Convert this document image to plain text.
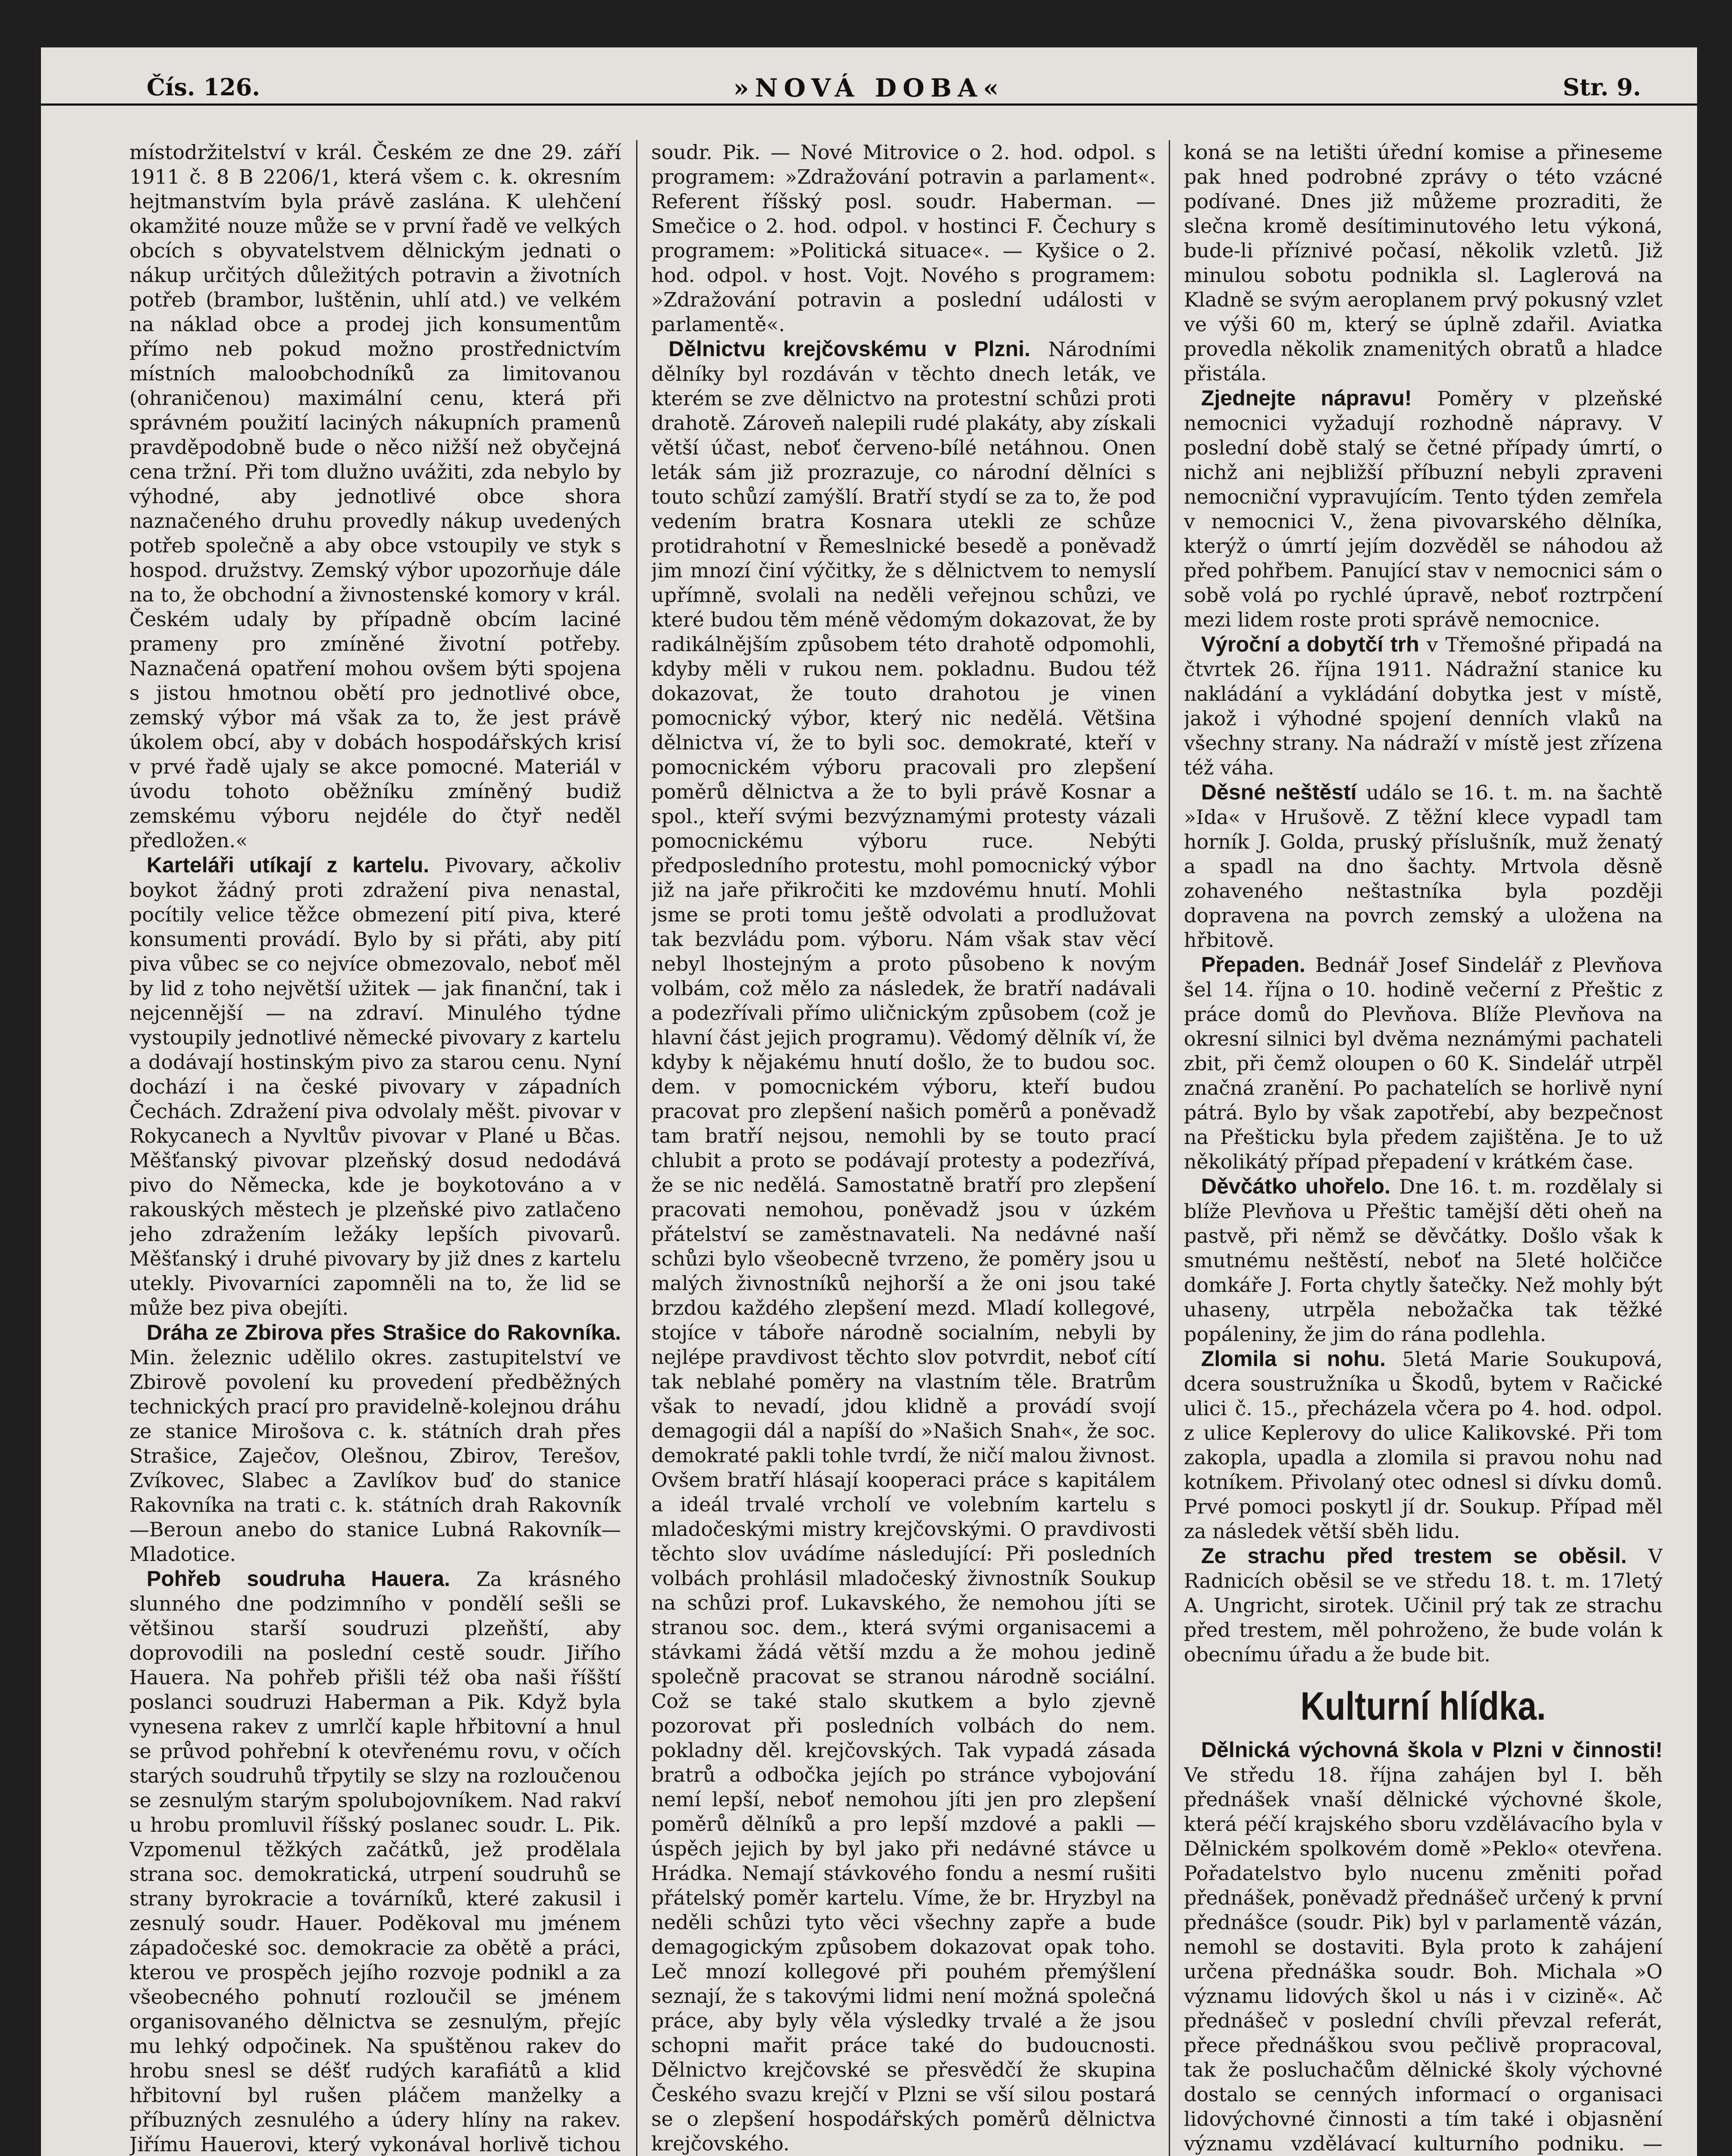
Čís. 126.	»NOVÁ DOBA«	Str. 9.

místodržitelství v král. Českém ze dne 29. září 1911 č. 8 B 2206/1, která všem c. k. okresním hejtmanstvím byla právě zaslána. K ulehčení okamžité nouze může se v první řadě ve velkých obcích s obyvatelstvem dělnickým jednati o nákup určitých důležitých potravin a životních potřeb (brambor, luštěnin, uhlí atd.) ve velkém na náklad obce a prodej jich konsumentům přímo neb pokud možno prostřednictvím místních maloobchodníků za limitovanou (ohraničenou) maximální cenu, která při správném použití laciných nákupních pramenů pravděpodobně bude o něco nižší než obyčejná cena tržní. Při tom dlužno uvážiti, zda nebylo by výhodné, aby jednotlivé obce shora naznačeného druhu provedly nákup uvedených potřeb společně a aby obce vstoupily ve styk s hospod. družstvy. Zemský výbor upozorňuje dále na to, že obchodní a živnostenské komory v král. Českém udaly by případně obcím laciné prameny pro zmíněné životní potřeby. Naznačená opatření mohou ovšem býti spojena s jistou hmotnou obětí pro jednotlivé obce, zemský výbor má však za to, že jest právě úkolem obcí, aby v dobách hospodářských krisí v prvé řadě ujaly se akce pomocné. Materiál v úvodu tohoto oběžníku zmíněný budiž zemskému výboru nejdéle do čtyř neděl předložen.«

Karteláři utíkají z kartelu. Pivovary, ačkoliv boykot žádný proti zdražení piva nenastal, pocítily velice těžce obmezení pití piva, které konsumenti provádí. Bylo by si přáti, aby pití piva vůbec se co nejvíce obmezovalo, neboť měl by lid z toho největší užitek — jak finanční, tak i nejcennější — na zdraví. Minulého týdne vystoupily jednotlivé německé pivovary z kartelu a dodávají hostinským pivo za starou cenu. Nyní dochází i na české pivovary v západních Čechách. Zdražení piva odvolaly měšt. pivovar v Rokycanech a Nyvltův pivovar v Plané u Bčas. Měšťanský pivovar plzeňský dosud nedodává pivo do Německa, kde je boykotováno a v rakouských městech je plzeňské pivo zatlačeno jeho zdražením ležáky lepších pivovarů. Měšťanský i druhé pivovary by již dnes z kartelu utekly. Pivovarníci zapomněli na to, že lid se může bez piva obejíti.

Dráha ze Zbirova přes Strašice do Rakovníka. Min. železnic udělilo okres. zastupitelství ve Zbirově povolení ku provedení předběžných technických prací pro pravidelně-kolejnou dráhu ze stanice Mirošova c. k. státních drah přes Strašice, Zaječov, Olešnou, Zbirov, Terešov, Zvíkovec, Slabec a Zavlíkov buď do stanice Rakovníka na trati c. k. státních drah Rakovník—Beroun anebo do stanice Lubná Rakovník—Mladotice.

Pohřeb soudruha Hauera. Za krásného slunného dne podzimního v pondělí sešli se většinou starší soudruzi plzeňští, aby doprovodili na poslední cestě soudr. Jiřího Hauera. Na pohřeb přišli též oba naši říšští poslanci soudruzi Haberman a Pik. Když byla vynesena rakev z umrlčí kaple hřbitovní a hnul se průvod pohřební k otevřenému rovu, v očích starých soudruhů třpytily se slzy na rozloučenou se zesnulým starým spolubojovníkem. Nad rakví u hrobu promluvil říšský poslanec soudr. L. Pik. Vzpomenul těžkých začátků, jež prodělala strana soc. demokratická, utrpení soudruhů se strany byrokracie a továrníků, které zakusil i zesnulý soudr. Hauer. Poděkoval mu jménem západočeské soc. demokracie za obětě a práci, kterou ve prospěch jejího rozvoje podnikl a za všeobecného pohnutí rozloučil se jménem organisovaného dělnictva se zesnulým, přejíc mu lehký odpočinek. Na spuštěnou rakev do hrobu snesl se déšť rudých karafiátů a klid hřbitovní byl rušen pláčem manželky a příbuzných zesnulého a údery hlíny na rakev. Jiřímu Hauerovi, který vykonával horlivě tichou

soudr. Pik. — Nové Mitrovice o 2. hod. odpol. s programem: »Zdražování potravin a parlament«. Referent říšský posl. soudr. Haberman. — Smečice o 2. hod. odpol. v hostinci F. Čechury s programem: »Politická situace«. — Kyšice o 2. hod. odpol. v host. Vojt. Nového s programem: »Zdražování potravin a poslední události v parlamentě«.

Dělnictvu krejčovskému v Plzni. Národními dělníky byl rozdáván v těchto dnech leták, ve kterém se zve dělnictvo na protestní schůzi proti drahotě. Zároveň nalepili rudé plakáty, aby získali větší účast, neboť červeno-bílé netáhnou. Onen leták sám již prozrazuje, co národní dělníci s touto schůzí zamýšlí. Bratří stydí se za to, že pod vedením bratra Kosnara utekli ze schůze protidrahotní v Řemeslnické besedě a poněvadž jim mnozí činí výčitky, že s dělnictvem to nemyslí upřímně, svolali na neděli veřejnou schůzi, ve které budou těm méně vědomým dokazovat, že by radikálnějším způsobem této drahotě odpomohli, kdyby měli v rukou nem. pokladnu. Budou též dokazovat, že touto drahotou je vinen pomocnický výbor, který nic nedělá. Většina dělnictva ví, že to byli soc. demokraté, kteří v pomocnickém výboru pracovali pro zlepšení poměrů dělnictva a že to byli právě Kosnar a spol., kteří svými bezvýznamými protesty vázali pomocnickému výboru ruce. Nebýti předposledního protestu, mohl pomocnický výbor již na jaře přikročiti ke mzdovému hnutí. Mohli jsme se proti tomu ještě odvolati a prodlužovat tak bezvládu pom. výboru. Nám však stav věcí nebyl lhostejným a proto působeno k novým volbám, což mělo za následek, že bratří nadávali a podezřívali přímo uličnickým způsobem (což je hlavní část jejich programu). Vědomý dělník ví, že kdyby k nějakému hnutí došlo, že to budou soc. dem. v pomocnickém výboru, kteří budou pracovat pro zlepšení našich poměrů a poněvadž tam bratří nejsou, nemohli by se touto prací chlubit a proto se podávají protesty a podezřívá, že se nic nedělá. Samostatně bratří pro zlepšení pracovati nemohou, poněvadž jsou v úzkém přátelství se zaměstnavateli. Na nedávné naší schůzi bylo všeobecně tvrzeno, že poměry jsou u malých živnostníků nejhorší a že oni jsou také brzdou každého zlepšení mezd. Mladí kollegové, stojíce v táboře národně socialním, nebyli by nejlépe pravdivost těchto slov potvrdit, neboť cítí tak neblahé poměry na vlastním těle. Bratrům však to nevadí, jdou klidně a provádí svojí demagogii dál a napíší do »Našich Snah«, že soc. demokraté pakli tohle tvrdí, že ničí malou živnost. Ovšem bratří hlásají kooperaci práce s kapitálem a ideál trvalé vrcholí ve volebním kartelu s mladočeskými mistry krejčovskými. O pravdivosti těchto slov uvádíme následující: Při posledních volbách prohlásil mladočeský živnostník Soukup na schůzi prof. Lukavského, že nemohou jíti se stranou soc. dem., která svými organisacemi a stávkami žádá větší mzdu a že mohou jedině společně pracovat se stranou národně sociální. Což se také stalo skutkem a bylo zjevně pozorovat při posledních volbách do nem. pokladny děl. krejčovských. Tak vypadá zásada bratrů a odbočka jejích po stránce vybojování nemí lepší, neboť nemohou jíti jen pro zlepšení poměrů dělníků a pro lepší mzdové a pakli — úspěch jejich by byl jako při nedávné stávce u Hrádka. Nemají stávkového fondu a nesmí rušiti přátelský poměr kartelu. Víme, že br. Hryzbyl na neděli schůzi tyto věci všechny zapře a bude demagogickým způsobem dokazovat opak toho. Leč mnozí kollegové při pouhém přemýšlení seznají, že s takovými lidmi není možná společná práce, aby byly věla výsledky trvalé a že jsou schopni mařit práce také do budoucnosti. Dělnictvo krejčovské se přesvědčí že skupina Českého svazu krejčí v Plzni se vší silou postará se o zlepšení hospodářských poměrů dělnictva krejčovského.

koná se na letišti úřední komise a přineseme pak hned podrobné zprávy o této vzácné podívané. Dnes již můžeme prozraditi, že slečna kromě desítiminutového letu výkoná, bude-li příznivé počasí, několik vzletů. Již minulou sobotu podnikla sl. Laglerová na Kladně se svým aeroplanem prvý pokusný vzlet ve výši 60 m, který se úplně zdařil. Aviatka provedla několik znamenitých obratů a hladce přistála.

Zjednejte nápravu! Poměry v plzeňské nemocnici vyžadují rozhodně nápravy. V poslední době stalý se četné případy úmrtí, o nichž ani nejbližší příbuzní nebyli zpraveni nemocniční vypravujícím. Tento týden zemřela v nemocnici V., žena pivovarského dělníka, kterýž o úmrtí jejím dozvěděl se náhodou až před pohřbem. Panující stav v nemocnici sám o sobě volá po rychlé úpravě, neboť roztrpčení mezi lidem roste proti správě nemocnice.

Výroční a dobytčí trh v Třemošné připadá na čtvrtek 26. října 1911. Nádražní stanice ku nakládání a vykládání dobytka jest v místě, jakož i výhodné spojení denních vlaků na všechny strany. Na nádraží v místě jest zřízena též váha.

Děsné neštěstí událo se 16. t. m. na šachtě »Ida« v Hrušově. Z těžní klece vypadl tam horník J. Golda, pruský příslušník, muž ženatý a spadl na dno šachty. Mrtvola děsně zohaveného neštastníka byla později dopravena na povrch zemský a uložena na hřbitově.

Přepaden. Bednář Josef Sindelář z Plevňova šel 14. října o 10. hodině večerní z Přeštic z práce domů do Plevňova. Blíže Plevňova na okresní silnici byl dvěma neznámými pachateli zbit, při čemž oloupen o 60 K. Sindelář utrpěl značná zranění. Po pachatelích se horlivě nyní pátrá. Bylo by však zapotřebí, aby bezpečnost na Přešticku byla předem zajištěna. Je to už několikátý případ přepadení v krátkém čase.

Děvčátko uhořelo. Dne 16. t. m. rozdělaly si blíže Plevňova u Přeštic tamější děti oheň na pastvě, při němž se děvčátky. Došlo však k smutnému neštěstí, neboť na 5leté holčičce domkáře J. Forta chytly šatečky. Než mohly být uhaseny, utrpěla nebožačka tak těžké popáleniny, že jim do rána podlehla.

Zlomila si nohu. 5letá Marie Soukupová, dcera soustružníka u Škodů, bytem v Račické ulici č. 15., přecházela včera po 4. hod. odpol. z ulice Keplerovy do ulice Kalikovské. Při tom zakopla, upadla a zlomila si pravou nohu nad kotníkem. Přivolaný otec odnesl si dívku domů. Prvé pomoci poskytl jí dr. Soukup. Případ měl za následek větší sběh lidu.

Ze strachu před trestem se oběsil. V Radnicích oběsil se ve středu 18. t. m. 17letý A. Ungricht, sirotek. Učinil prý tak ze strachu před trestem, měl pohroženo, že bude volán k obecnímu úřadu a že bude bit.

Kulturní hlídka.

Dělnická výchovná škola v Plzni v činnosti! Ve středu 18. října zahájen byl I. běh přednášek vnaší dělnické výchovné škole, která péčí krajského sboru vzdělávacího byla v Dělnickém spolkovém domě »Peklo« otevřena. Pořadatelstvo bylo nucenu změniti pořad přednášek, poněvadž přednášeč určený k první přednášce (soudr. Pik) byl v parlamentě vázán, nemohl se dostaviti. Byla proto k zahájení určena přednáška soudr. Boh. Michala »O významu lidových škol u nás i v cizině«. Ač přednášeč v poslední chvíli převzal referát, přece přednáškou svou pečlivě propracoval, tak že posluchačům dělnické školy výchovné dostalo se cenných informací o organisaci lidovýchovné činnosti a tím také i objasnění významu vzdělávací kulturního podniku. —
